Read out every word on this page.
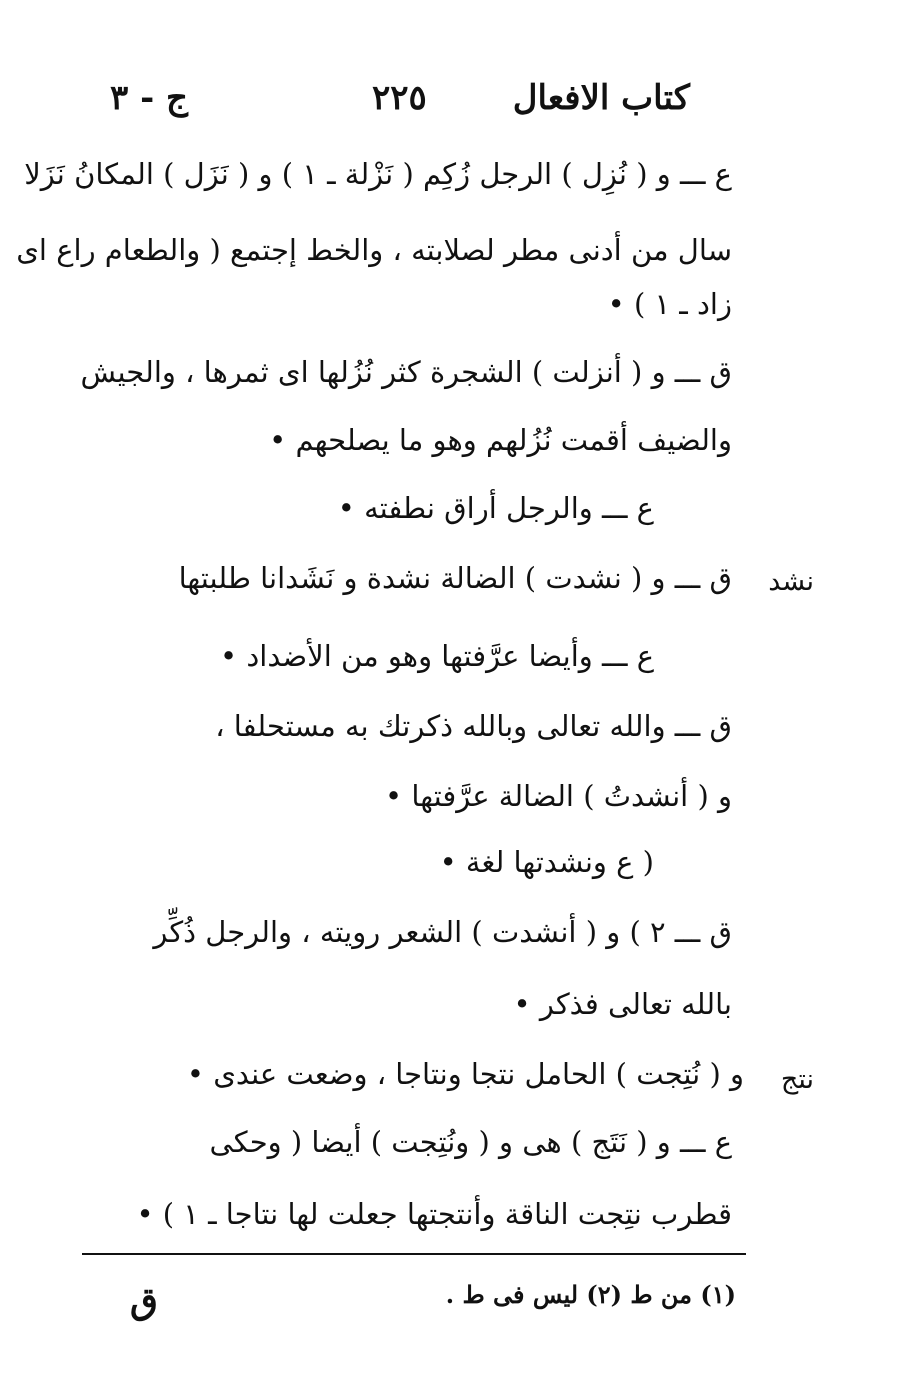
كتاب الافعال
٢٢٥
ج - ٣
ع ـــ و ( نُزِل ) الرجل زُكِم ( نَزْلة ـ ١ ) و ( نَزَل ) المكانُ نَزَلا
سال من أدنى مطر لصلابته ، والخط إجتمع ( والطعام راع اى
زاد ـ ١ ) •
ق ـــ و ( أنزلت ) الشجرة كثر نُزُلها اى ثمرها ، والجيش
والضيف أقمت نُزُلهم وهو ما يصلحهم •
ع ـــ والرجل أراق نطفته •
ق ـــ و ( نشدت ) الضالة نشدة و نَشَدانا طلبتها
ع ـــ وأيضا عرَّفتها وهو من الأضداد •
ق ـــ والله تعالى وبالله ذكرتك به مستحلفا ،
و ( أنشدتُ ) الضالة عرَّفتها •
( ع ونشدتها لغة •
ق ـــ ٢ ) و ( أنشدت ) الشعر رويته ، والرجل ذُكِّر
بالله تعالى فذكر •
و ( نُتِجت ) الحامل نتجا ونتاجا ، وضعت عندى •
ع ـــ و ( نَتَج ) هى و ( ونُتِجت ) أيضا ( وحكى
قطرب نتِجت الناقة وأنتجتها جعلت لها نتاجا ـ ١ ) •
نشد
نتج
(١) من ط (٢) ليس فى ط .
ق
